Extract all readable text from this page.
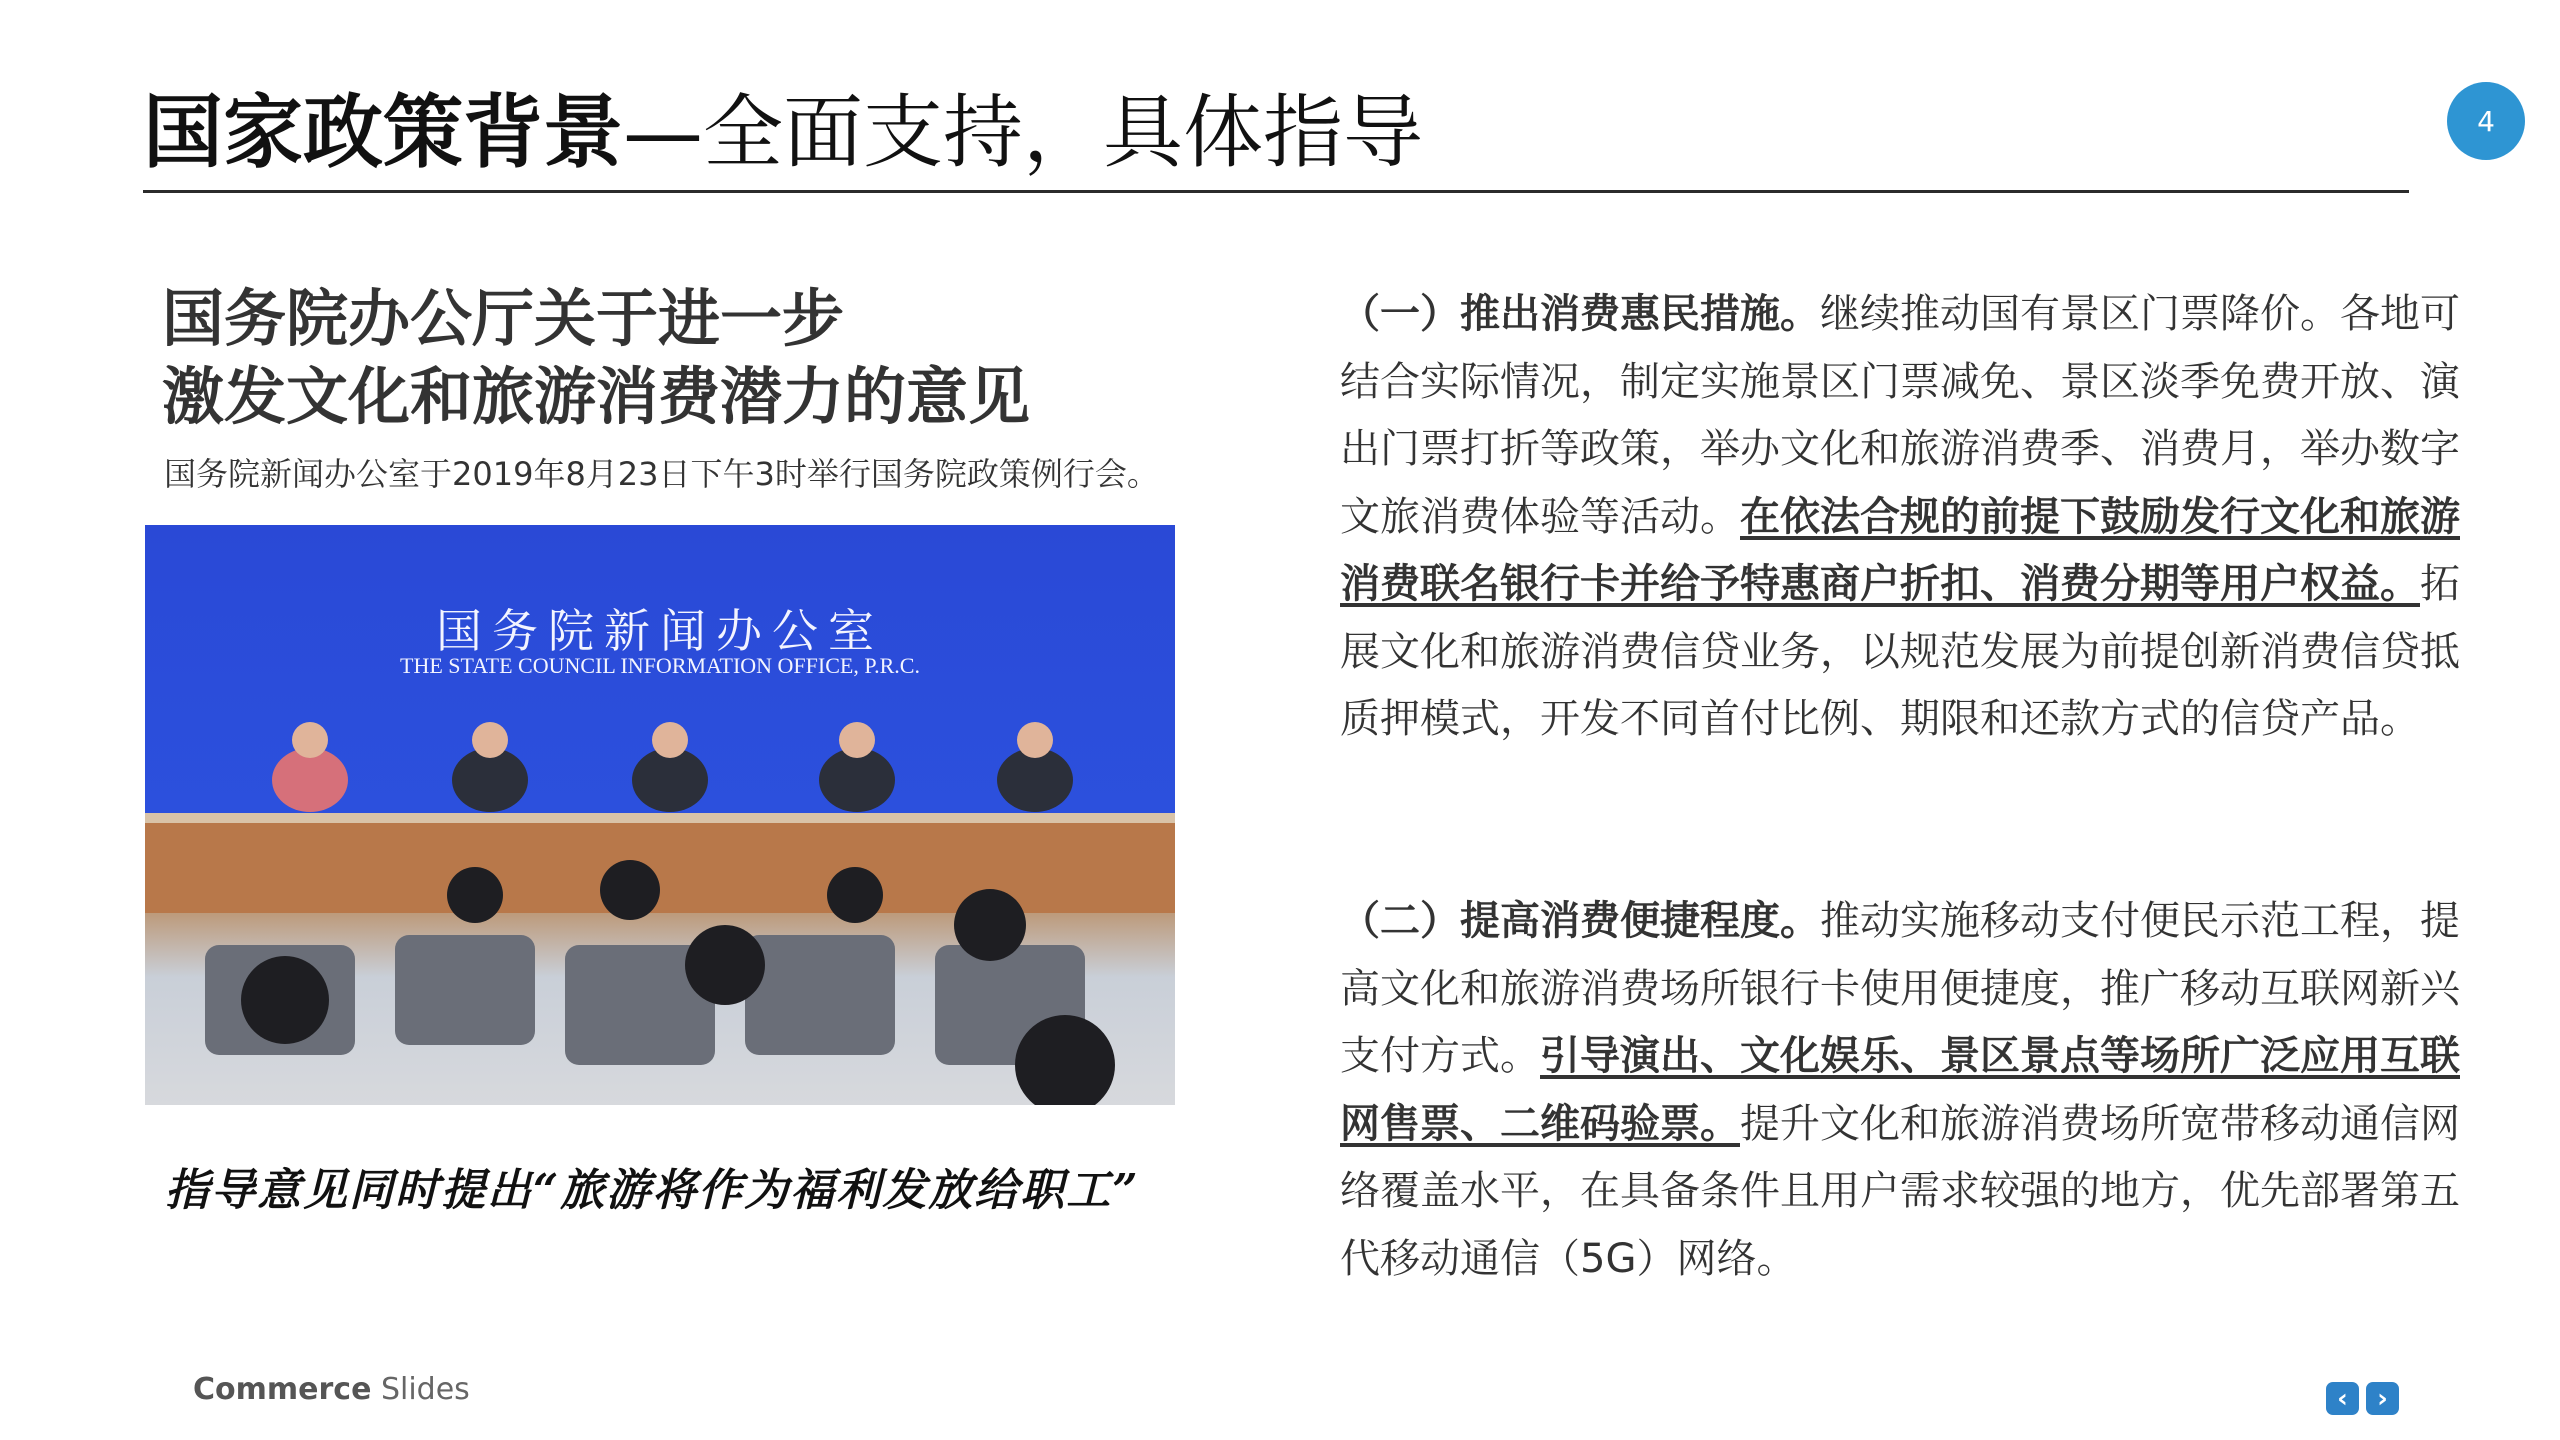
国家政策背景—全面支持，具体指导	4
国务院办公厅关于进一步
激发文化和旅游消费潜力的意见
国务院新闻办公室于2019年8月23日下午3时举行国务院政策例行会。
国务院新闻办公室
THE STATE COUNCIL INFORMATION OFFICE, P.R.C.
指导意见同时提出“旅游将作为福利发放给职工”
（一）推出消费惠民措施。继续推动国有景区门票降价。各地可结合实际情况，制定实施景区门票减免、景区淡季免费开放、演出门票打折等政策，举办文化和旅游消费季、消费月，举办数字文旅消费体验等活动。在依法合规的前提下鼓励发行文化和旅游消费联名银行卡并给予特惠商户折扣、消费分期等用户权益。拓展文化和旅游消费信贷业务，以规范发展为前提创新消费信贷抵质押模式，开发不同首付比例、期限和还款方式的信贷产品。
（二）提高消费便捷程度。推动实施移动支付便民示范工程，提高文化和旅游消费场所银行卡使用便捷度，推广移动互联网新兴支付方式。引导演出、文化娱乐、景区景点等场所广泛应用互联网售票、二维码验票。提升文化和旅游消费场所宽带移动通信网络覆盖水平，在具备条件且用户需求较强的地方，优先部署第五代移动通信（5G）网络。
Commerce Slides	‹ ›
